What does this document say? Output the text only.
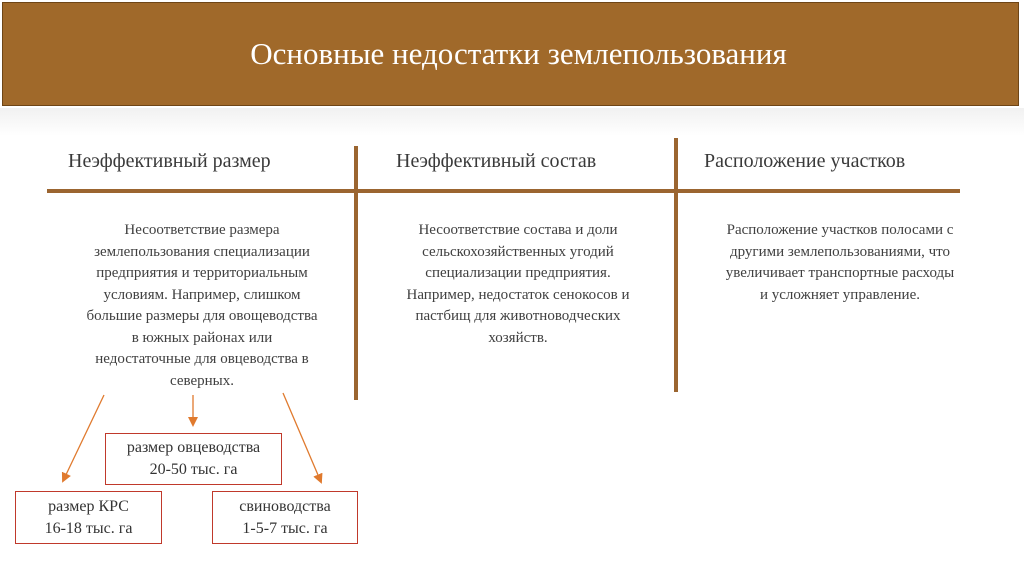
Основные недостатки землепользования
Неэффективный размер	Неэффективный состав	Расположение участков
Несоответствие размера
землепользования специализации
предприятия и территориальным
условиям. Например, слишком
большие размеры для овощеводства
в южных районах или
недостаточные для овцеводства в
северных.
Несоответствие состава и доли
сельскохозяйственных угодий
специализации предприятия.
Например, недостаток сенокосов и
пастбищ для животноводческих
хозяйств.
Расположение участков полосами с
другими землепользованиями, что
увеличивает транспортные расходы
и усложняет управление.
размер КРС
16-18 тыс. га
размер овцеводства
20-50 тыс. га
свиноводства
1-5-7 тыс. га
